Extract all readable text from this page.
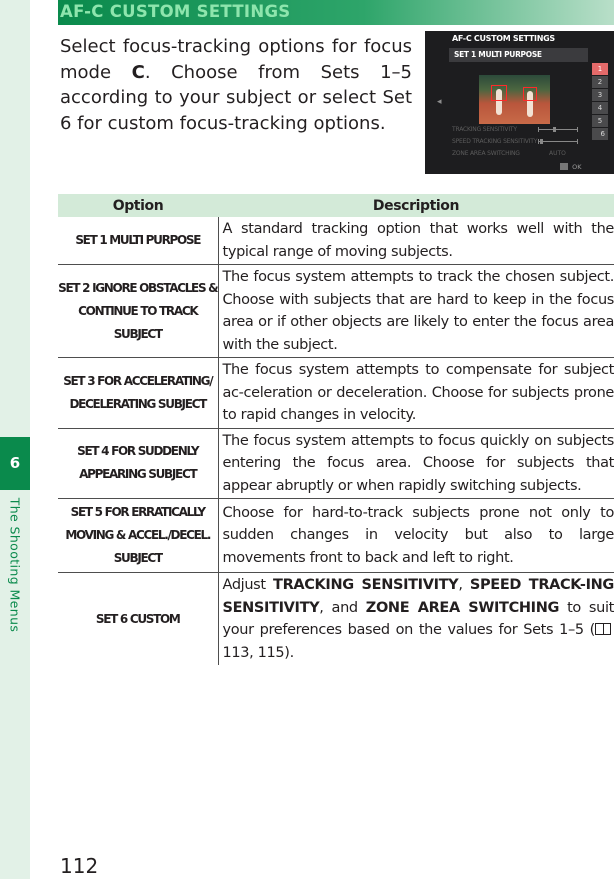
6
The Shooting Menus
AF-C CUSTOM SETTINGS

Select focus-tracking options for focus mode C. Choose from Sets 1–5 according to your subject or select Set 6 for custom focus-tracking options.

AF-C CUSTOM SETTINGS
SET 1 MULTI PURPOSE
◂
1
2
3
4
5
6
TRACKING SENSITIVITY
SPEED TRACKING SENSITIVITY
ZONE AREA SWITCHING	AUTO
OK
Option	Description
SET 1 MULTI PURPOSE	A standard tracking option that works well with the typical range of moving subjects.
SET 2 IGNORE OBSTACLES & CONTINUE TO TRACK SUBJECT	The focus system attempts to track the chosen subject. Choose with subjects that are hard to keep in the focus area or if other objects are likely to enter the focus area with the subject.
SET 3 FOR ACCELERATING/ DECELERATING SUBJECT	The focus system attempts to compensate for subject ac-celeration or deceleration. Choose for subjects prone to rapid changes in velocity.
SET 4 FOR SUDDENLY APPEARING SUBJECT	The focus system attempts to focus quickly on subjects entering the focus area. Choose for subjects that appear abruptly or when rapidly switching subjects.
SET 5 FOR ERRATICALLY MOVING & ACCEL./DECEL. SUBJECT	Choose for hard-to-track subjects prone not only to sudden changes in velocity but also to large movements front to back and left to right.
SET 6 CUSTOM	Adjust TRACKING SENSITIVITY, SPEED TRACK-ING SENSITIVITY, and ZONE AREA SWITCHING to suit your preferences based on the values for Sets 1–5 (113, 115).
112
